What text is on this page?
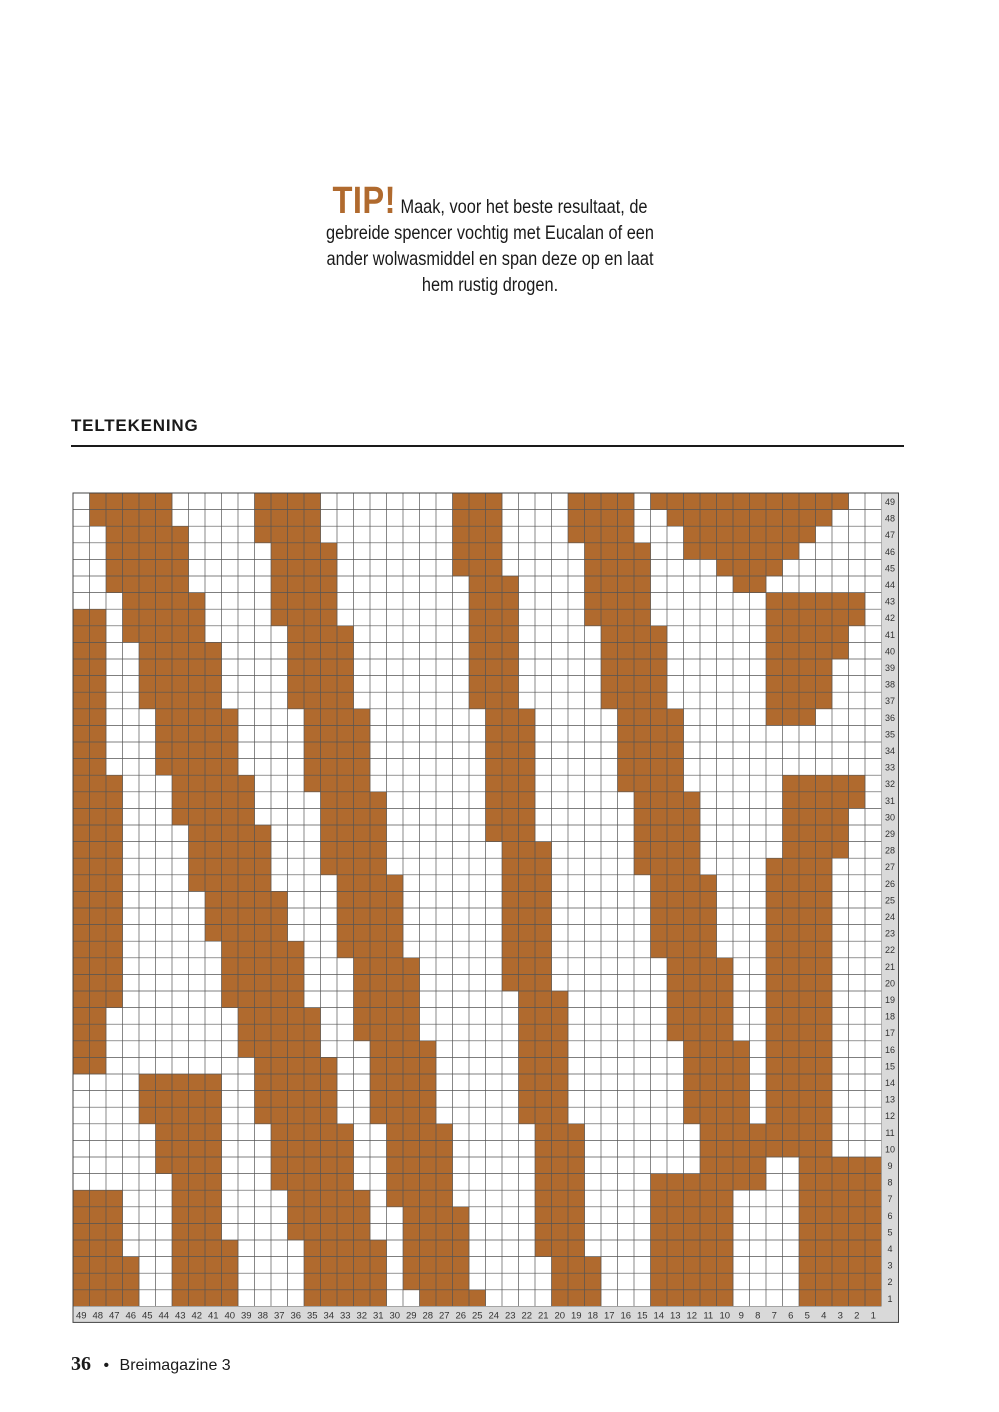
TIP! Maak, voor het beste resultaat, de
gebreide spencer vochtig met Eucalan of een
ander wolwasmiddel en span deze op en laat
hem rustig drogen.
TELTEKENING
1
2
3
4
5
6
7
8
9
10
11
12
13
14
15
16
17
18
19
20
21
22
23
24
25
26
27
28
29
30
31
32
33
34
35
36
37
38
39
40
41
42
43
44
45
46
47
48
49
1
2
3
4
5
6
7
8
9
10
11
12
13
14
15
16
17
18
19
20
21
22
23
24
25
26
27
28
29
30
31
32
33
34
35
36
37
38
39
40
41
42
43
44
45
46
47
48
49
36 • Breimagazine 3
